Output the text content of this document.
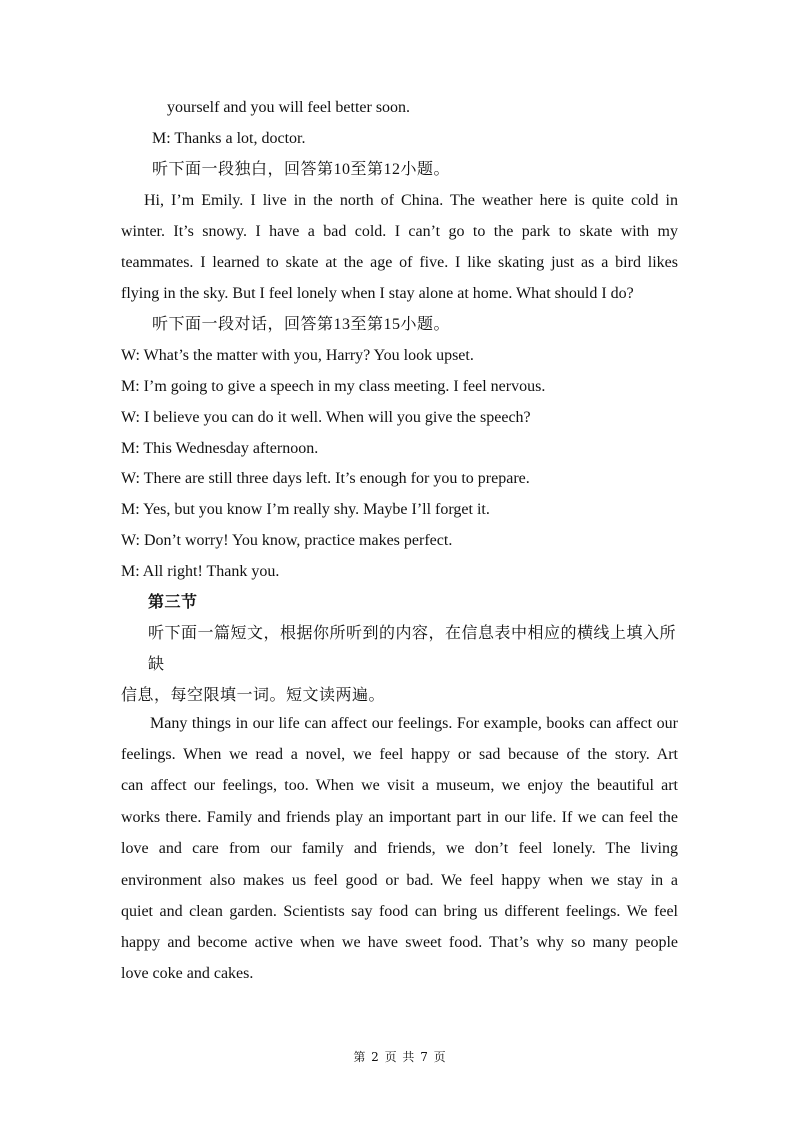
yourself and you will feel better soon.
M: Thanks a lot, doctor.
听下面一段独白，回答第10至第12小题。
Hi, I’m Emily. I live in the north of China. The weather here is quite cold in
winter. It’s snowy. I have a bad cold. I can’t go to the park to skate with my
teammates. I learned to skate at the age of five. I like skating just as a bird likes
flying in the sky. But I feel lonely when I stay alone at home. What should I do?
听下面一段对话，回答第13至第15小题。
W: What’s the matter with you, Harry? You look upset.
M: I’m going to give a speech in my class meeting. I feel nervous.
W: I believe you can do it well. When will you give the speech?
M: This Wednesday afternoon.
W: There are still three days left. It’s enough for you to prepare.
M: Yes, but you know I’m really shy. Maybe I’ll forget it.
W: Don’t worry! You know, practice makes perfect.
M: All right! Thank you.
第三节
听下面一篇短文，根据你所听到的内容，在信息表中相应的横线上填入所
缺
信息，每空限填一词。短文读两遍。
Many things in our life can affect our feelings. For example, books can affect our
feelings. When we read a novel, we feel happy or sad because of the story. Art
can affect our feelings, too. When we visit a museum, we enjoy the beautiful art
works there. Family and friends play an important part in our life. If we can feel the
love and care from our family and friends, we don’t feel lonely. The living
environment also makes us feel good or bad. We feel happy when we stay in a
quiet and clean garden. Scientists say food can bring us different feelings. We feel
happy and become active when we have sweet food. That’s why so many people
love coke and cakes.
第 2 页 共 7 页
